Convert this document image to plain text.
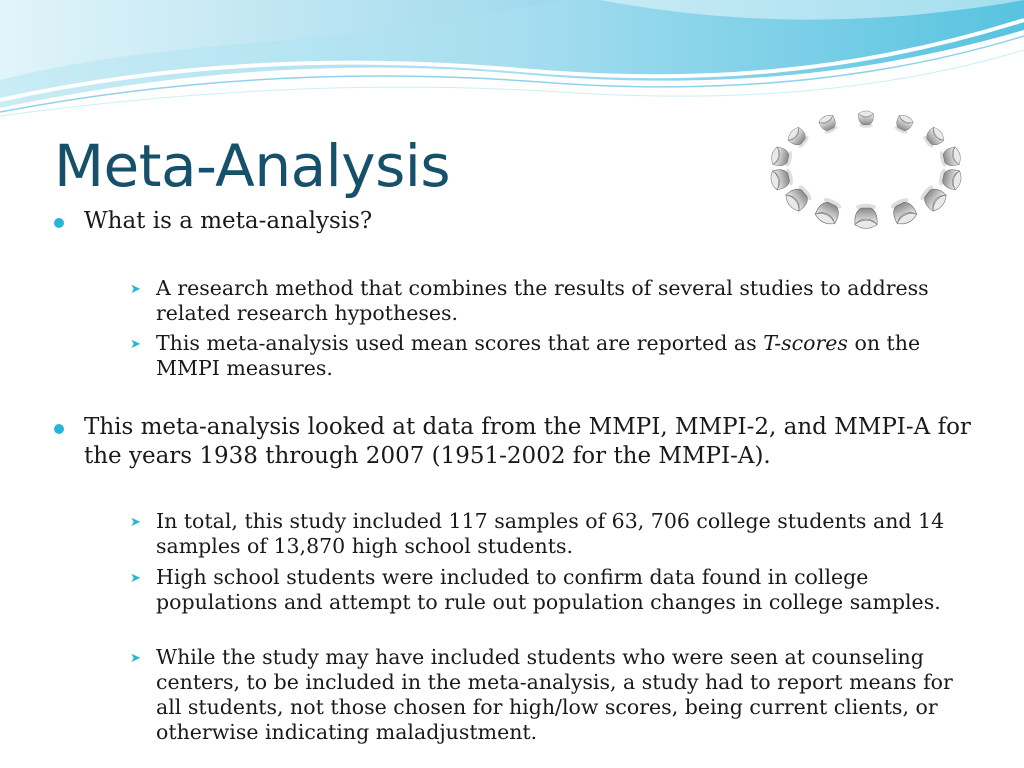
Meta-Analysis
What is a meta-analysis?
➤ A research method that combines the results of several studies to address related research hypotheses.
➤ This meta-analysis used mean scores that are reported as T-scores on the MMPI measures.
This meta-analysis looked at data from the MMPI, MMPI-2, and MMPI-A for the years 1938 through 2007 (1951-2002 for the MMPI-A).
➤ In total, this study included 117 samples of 63, 706 college students and 14 samples of 13,870 high school students.
➤ High school students were included to confirm data found in college populations and attempt to rule out population changes in college samples.
➤ While the study may have included students who were seen at counseling centers, to be included in the meta-analysis, a study had to report means for all students, not those chosen for high/low scores, being current clients, or otherwise indicating maladjustment.
